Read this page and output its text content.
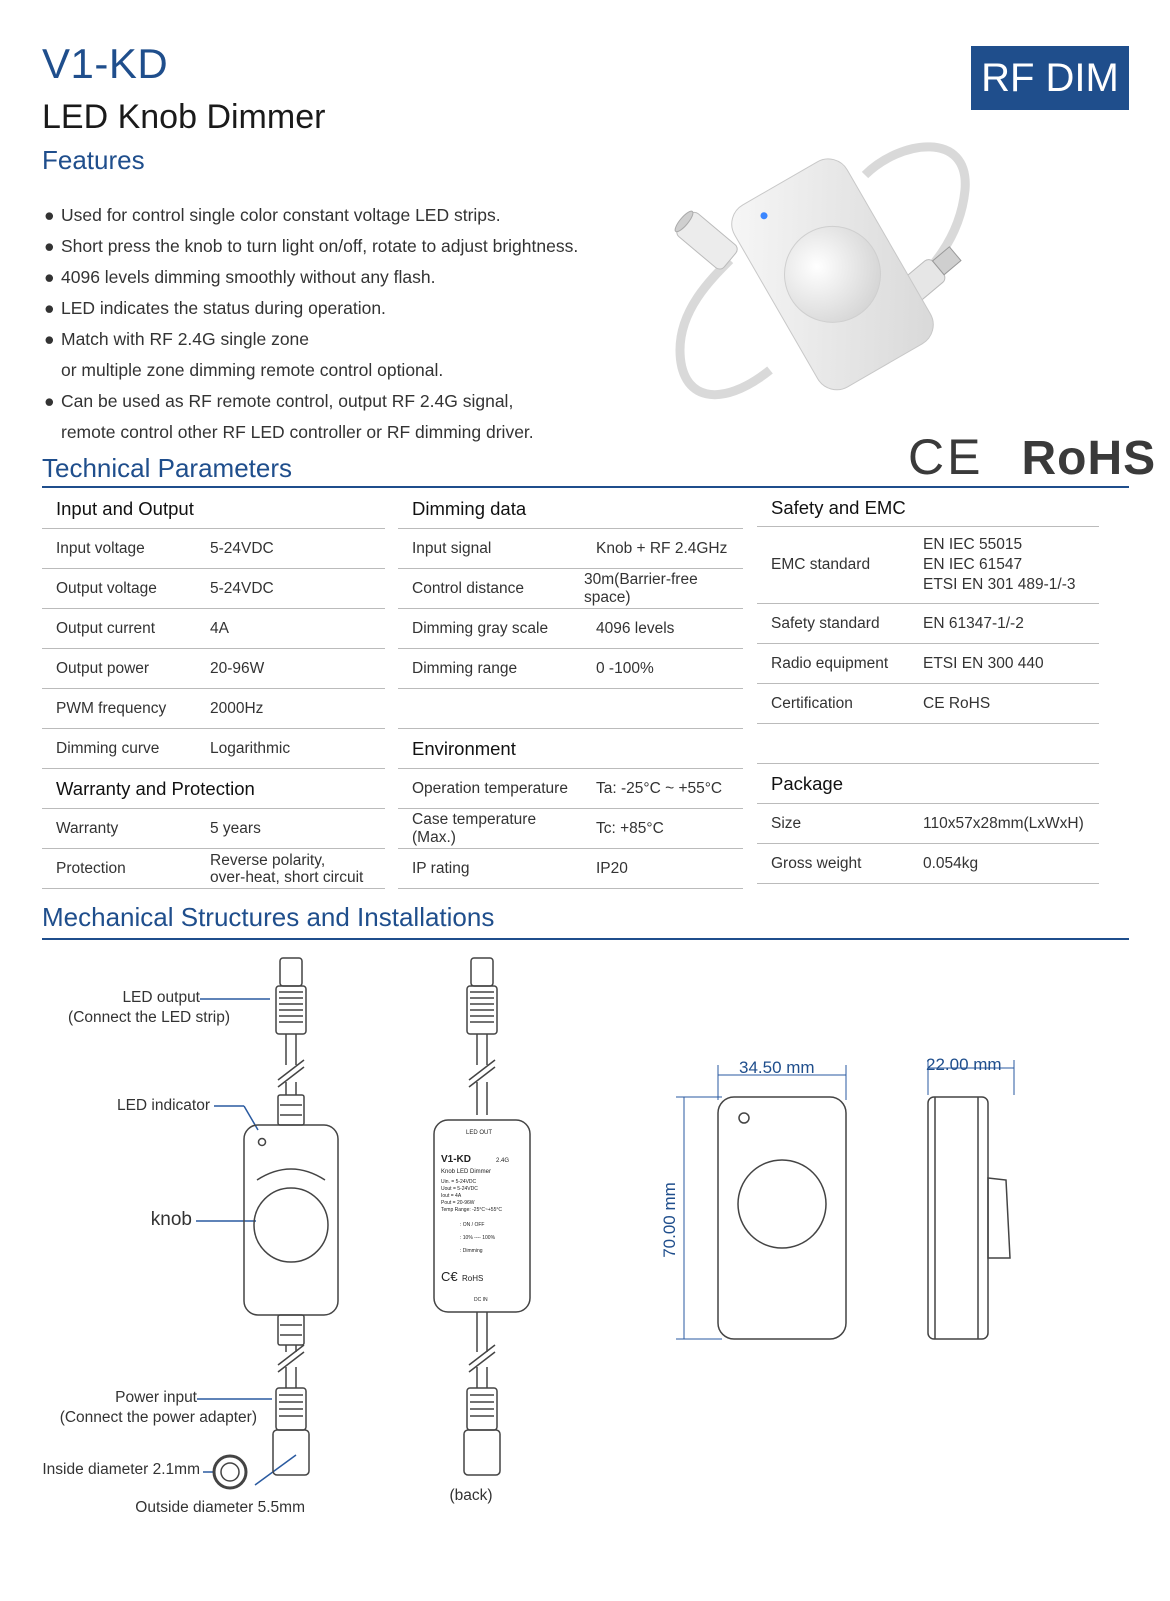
V1-KD
LED Knob Dimmer
RF DIM
Features
● Used for control single color constant voltage LED strips.
● Short press the knob to turn light on/off, rotate to adjust brightness.
● 4096 levels dimming smoothly without any flash.
● LED indicates the status during operation.
● Match with RF 2.4G single zone
or multiple zone dimming remote control optional.
● Can be used as RF remote control, output RF 2.4G signal,
remote control other RF LED controller or RF dimming driver.	CE RoHS
Technical Parameters
Input and Output	
Input voltage	5-24VDC
Output voltage	5-24VDC
Output current	4A
Output power	20-96W
PWM frequency	2000Hz
Dimming curve	Logarithmic
Warranty and Protection	
Warranty	5 years
Protection	Reverse polarity,
over-heat, short circuit
Dimming data	
Input signal	Knob + RF 2.4GHz
Control distance	30m(Barrier-free space)
Dimming gray scale	4096 levels
Dimming range	0 -100%

Environment	
Operation temperature	Ta: -25°C ~ +55°C
Case temperature (Max.)	Tc: +85°C
IP rating	IP20
Safety and EMC	
EMC standard	EN IEC 55015
EN IEC 61547
ETSI EN 301 489-1/-3

Safety standard	EN 61347-1/-2
Radio equipment	ETSI EN 300 440
Certification	CE RoHS

Package	
Size	110x57x28mm(LxWxH)
Gross weight	0.054kg
Mechanical Structures and Installations
LED output
(Connect the LED strip)
LED indicator
knob
Power input
(Connect the power adapter)
Inside diameter 2.1mm
Outside diameter 5.5mm
(back)
LED OUT
V1-KD	2.4G
Knob LED Dimmer
Uin. = 5-24VDC
Uout = 5-24VDC
Iout = 4A
Pout = 20-96W
Temp Range: -25°C~+55°C
: ON / OFF
: 10% ---- 100%
: Dimming
C€ RoHS
DC IN
34.50 mm	22.00 mm
70.00 mm
